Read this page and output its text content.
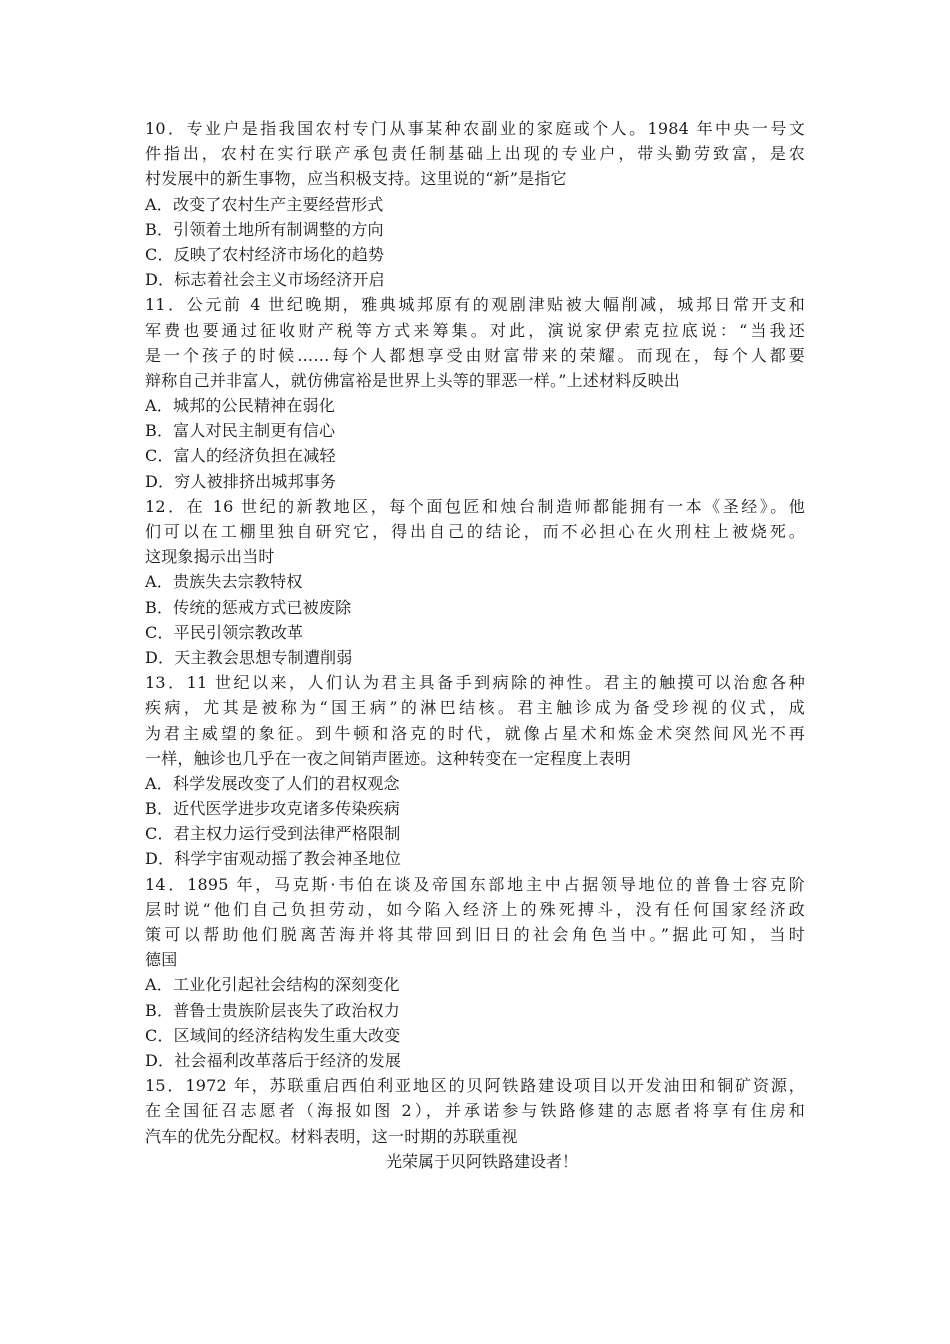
10．专业户是指我国农村专门从事某种农副业的家庭或个人。1984 年中央一号文
件指出，农村在实行联产承包责任制基础上出现的专业户，带头勤劳致富，是农
村发展中的新生事物，应当积极支持。这里说的“新”是指它
A．改变了农村生产主要经营形式
B．引领着土地所有制调整的方向
C．反映了农村经济市场化的趋势
D．标志着社会主义市场经济开启
11．公元前 4 世纪晚期，雅典城邦原有的观剧津贴被大幅削减，城邦日常开支和
军费也要通过征收财产税等方式来筹集。对此，演说家伊索克拉底说：“当我还
是一个孩子的时候……每个人都想享受由财富带来的荣耀。而现在，每个人都要
辩称自己并非富人，就仿佛富裕是世界上头等的罪恶一样。”上述材料反映出
A．城邦的公民精神在弱化
B．富人对民主制更有信心
C．富人的经济负担在减轻
D．穷人被排挤出城邦事务
12．在 16 世纪的新教地区，每个面包匠和烛台制造师都能拥有一本《圣经》。他
们可以在工棚里独自研究它，得出自己的结论，而不必担心在火刑柱上被烧死。
这现象揭示出当时
A．贵族失去宗教特权
B．传统的惩戒方式已被废除
C．平民引领宗教改革
D．天主教会思想专制遭削弱
13．11 世纪以来，人们认为君主具备手到病除的神性。君主的触摸可以治愈各种
疾病，尤其是被称为“国王病”的淋巴结核。君主触诊成为备受珍视的仪式，成
为君主威望的象征。到牛顿和洛克的时代，就像占星术和炼金术突然间风光不再
一样，触诊也几乎在一夜之间销声匿迹。这种转变在一定程度上表明
A．科学发展改变了人们的君权观念
B．近代医学进步攻克诸多传染疾病
C．君主权力运行受到法律严格限制
D．科学宇宙观动摇了教会神圣地位
14．1895 年，马克斯·韦伯在谈及帝国东部地主中占据领导地位的普鲁士容克阶
层时说“他们自己负担劳动，如今陷入经济上的殊死搏斗，没有任何国家经济政
策可以帮助他们脱离苦海并将其带回到旧日的社会角色当中。”据此可知，当时
德国
A．工业化引起社会结构的深刻变化
B．普鲁士贵族阶层丧失了政治权力
C．区域间的经济结构发生重大改变
D．社会福利改革落后于经济的发展
15．1972 年，苏联重启西伯利亚地区的贝阿铁路建设项目以开发油田和铜矿资源，
在全国征召志愿者（海报如图 2），并承诺参与铁路修建的志愿者将享有住房和
汽车的优先分配权。材料表明，这一时期的苏联重视
光荣属于贝阿铁路建设者！
